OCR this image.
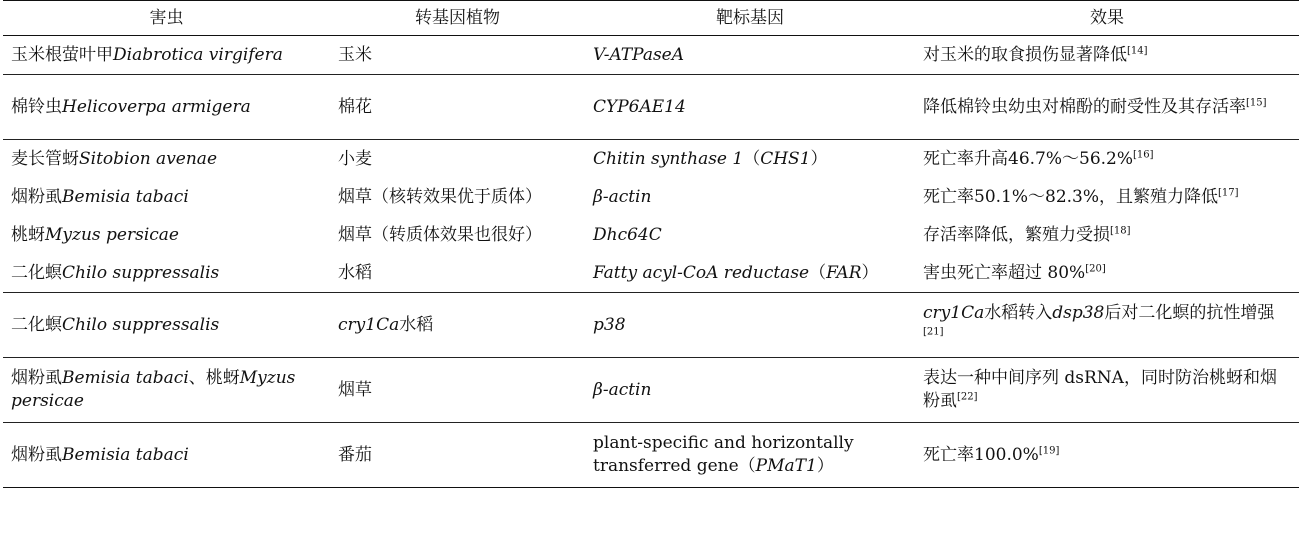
害虫	转基因植物	靶标基因	效果
玉米根萤叶甲Diabrotica virgifera	玉米	V-ATPaseA	对玉米的取食损伤显著降低[14]
棉铃虫Helicoverpa armigera	棉花	CYP6AE14	降低棉铃虫幼虫对棉酚的耐受性及其存活率[15]
麦长管蚜Sitobion avenae	小麦	Chitin synthase 1（CHS1）	死亡率升高46.7%～56.2%[16]
烟粉虱Bemisia tabaci	烟草（核转效果优于质体）	β-actin	死亡率50.1%～82.3%，且繁殖力降低[17]
桃蚜Myzus persicae	烟草（转质体效果也很好）	Dhc64C	存活率降低，繁殖力受损[18]
二化螟Chilo suppressalis	水稻	Fatty acyl-CoA reductase（FAR）	害虫死亡率超过 80%[20]
二化螟Chilo suppressalis	cry1Ca水稻	p38	cry1Ca水稻转入dsp38后对二化螟的抗性增强[21]
烟粉虱Bemisia tabaci、桃蚜Myzus persicae	烟草	β-actin	表达一种中间序列 dsRNA，同时防治桃蚜和烟粉虱[22]
烟粉虱Bemisia tabaci	番茄	plant-specific and horizontally transferred gene（PMaT1）	死亡率100.0%[19]
